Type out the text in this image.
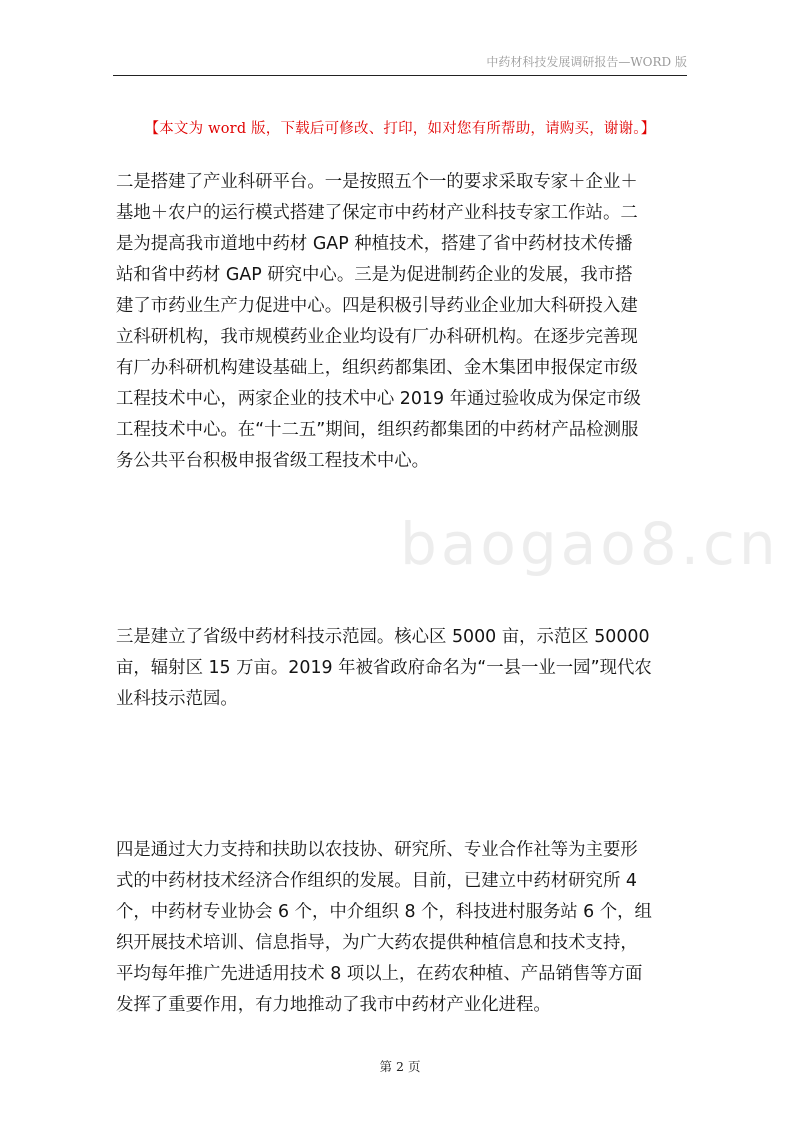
中药材科技发展调研报告—WORD 版
【本文为 word 版，下载后可修改、打印，如对您有所帮助，请购买，谢谢。】
baogao8.cn
二是搭建了产业科研平台。一是按照五个一的要求采取专家＋企业＋
基地＋农户的运行模式搭建了保定市中药材产业科技专家工作站。二
是为提高我市道地中药材 GAP 种植技术，搭建了省中药材技术传播
站和省中药材 GAP 研究中心。三是为促进制药企业的发展，我市搭
建了市药业生产力促进中心。四是积极引导药业企业加大科研投入建
立科研机构，我市规模药业企业均设有厂办科研机构。在逐步完善现
有厂办科研机构建设基础上，组织药都集团、金木集团申报保定市级
工程技术中心，两家企业的技术中心 2019 年通过验收成为保定市级
工程技术中心。在“十二五”期间，组织药都集团的中药材产品检测服
务公共平台积极申报省级工程技术中心。
三是建立了省级中药材科技示范园。核心区 5000 亩，示范区 50000
亩，辐射区 15 万亩。2019 年被省政府命名为“一县一业一园”现代农
业科技示范园。
四是通过大力支持和扶助以农技协、研究所、专业合作社等为主要形
式的中药材技术经济合作组织的发展。目前，已建立中药材研究所 4
个，中药材专业协会 6 个，中介组织 8 个，科技进村服务站 6 个，组
织开展技术培训、信息指导，为广大药农提供种植信息和技术支持，
平均每年推广先进适用技术 8 项以上，在药农种植、产品销售等方面
发挥了重要作用，有力地推动了我市中药材产业化进程。
第 2 页
